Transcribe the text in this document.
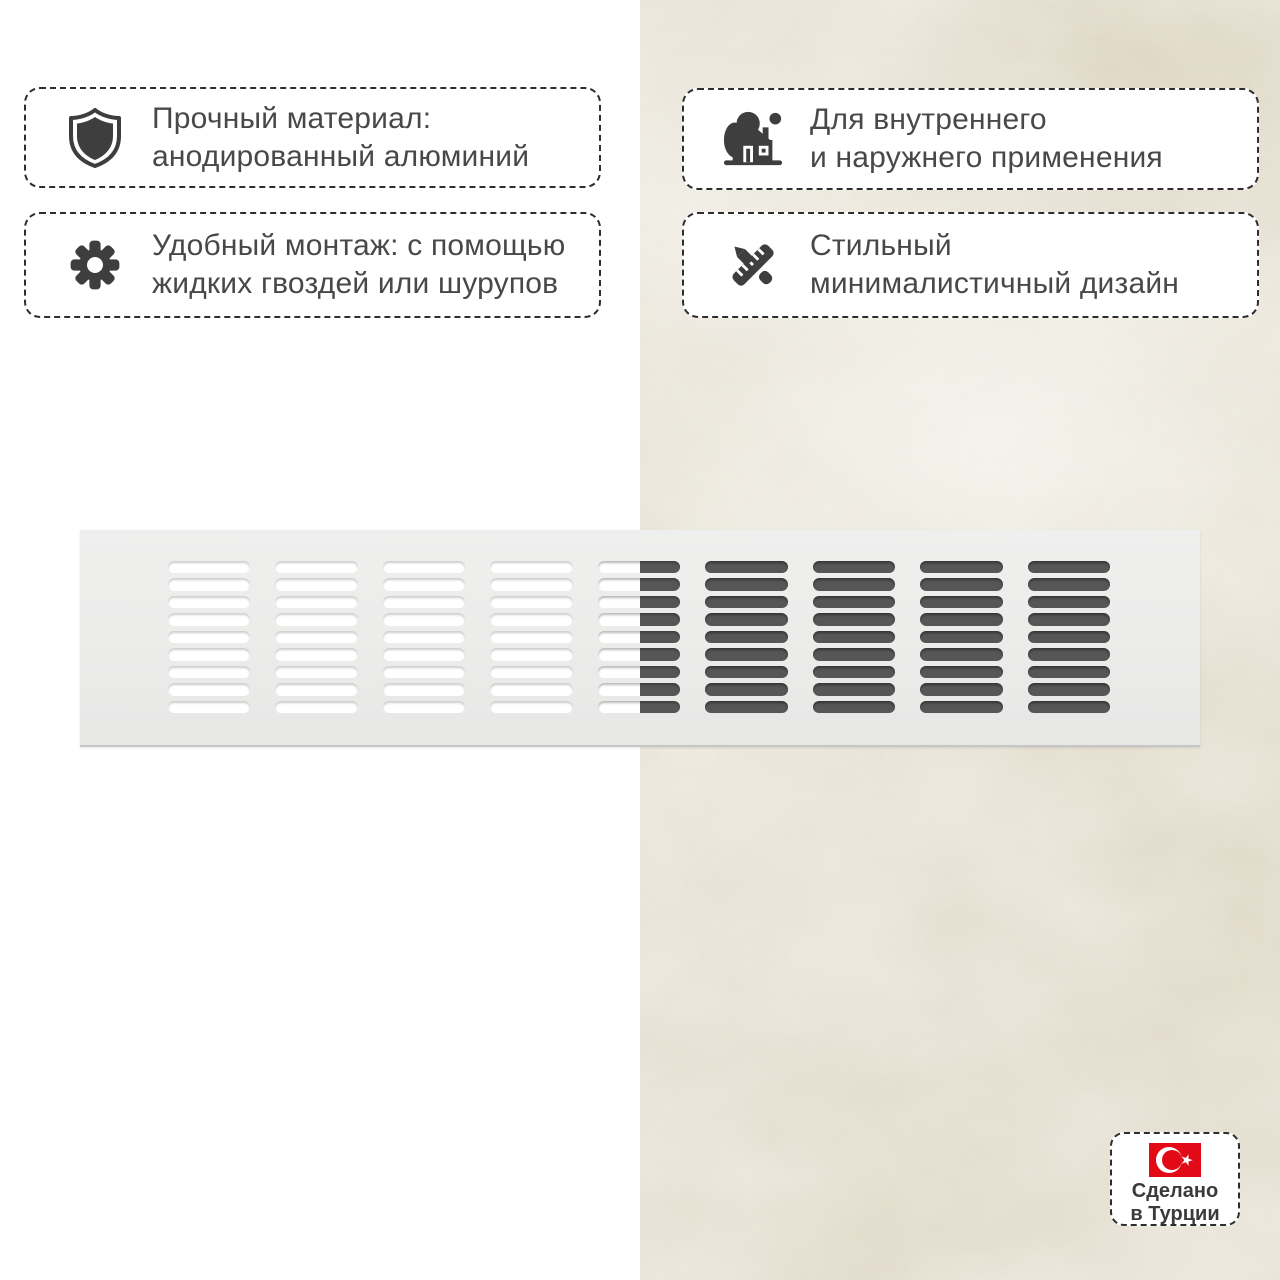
Прочный материал:
анодированный алюминий
Удобный монтаж: с помощью
жидких гвоздей или шурупов
Для внутреннего
и наружнего применения
Стильный
минималистичный дизайн
★
Сделано
в Турции
